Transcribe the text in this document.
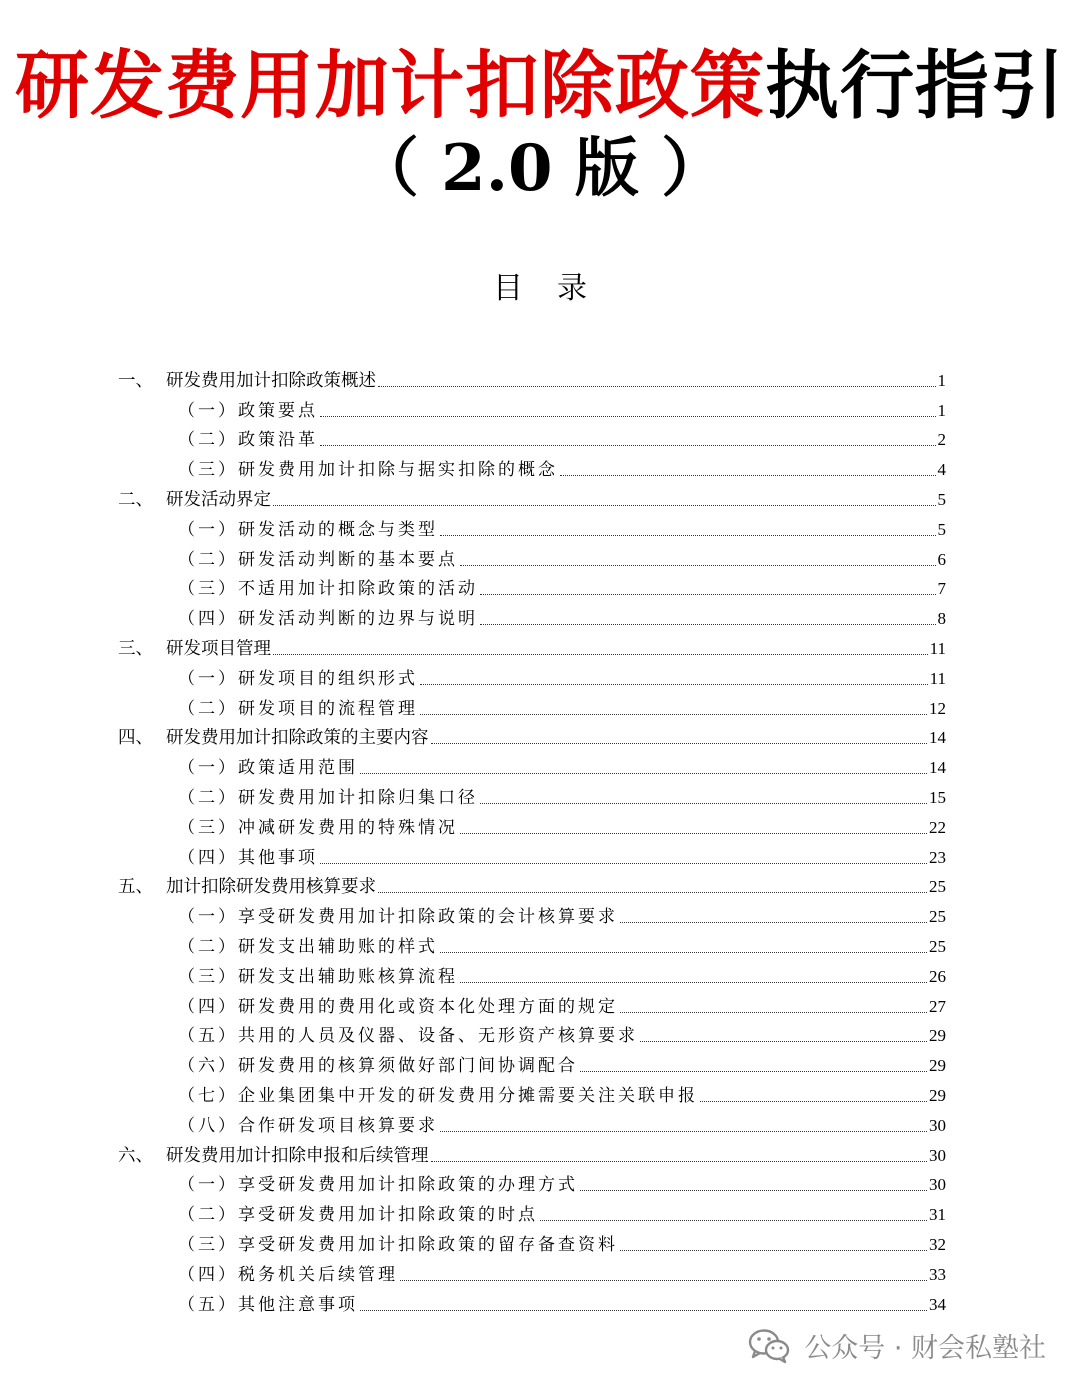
研发费用加计扣除政策执行指引
（ 2.0 版 ）
目录
一、 研发费用加计扣除政策概述	1
（一）政策要点	1
（二）政策沿革	2
（三）研发费用加计扣除与据实扣除的概念	4
二、 研发活动界定	5
（一）研发活动的概念与类型	5
（二）研发活动判断的基本要点	6
（三）不适用加计扣除政策的活动	7
（四）研发活动判断的边界与说明	8
三、 研发项目管理	11
（一）研发项目的组织形式	11
（二）研发项目的流程管理	12
四、 研发费用加计扣除政策的主要内容	14
（一）政策适用范围	14
（二）研发费用加计扣除归集口径	15
（三）冲减研发费用的特殊情况	22
（四）其他事项	23
五、 加计扣除研发费用核算要求	25
（一）享受研发费用加计扣除政策的会计核算要求	25
（二）研发支出辅助账的样式	25
（三）研发支出辅助账核算流程	26
（四）研发费用的费用化或资本化处理方面的规定	27
（五）共用的人员及仪器、设备、无形资产核算要求	29
（六）研发费用的核算须做好部门间协调配合	29
（七）企业集团集中开发的研发费用分摊需要关注关联申报	29
（八）合作研发项目核算要求	30
六、 研发费用加计扣除申报和后续管理	30
（一）享受研发费用加计扣除政策的办理方式	30
（二）享受研发费用加计扣除政策的时点	31
（三）享受研发费用加计扣除政策的留存备查资料	32
（四）税务机关后续管理	33
（五）其他注意事项	34
公众号 · 财会私塾社
